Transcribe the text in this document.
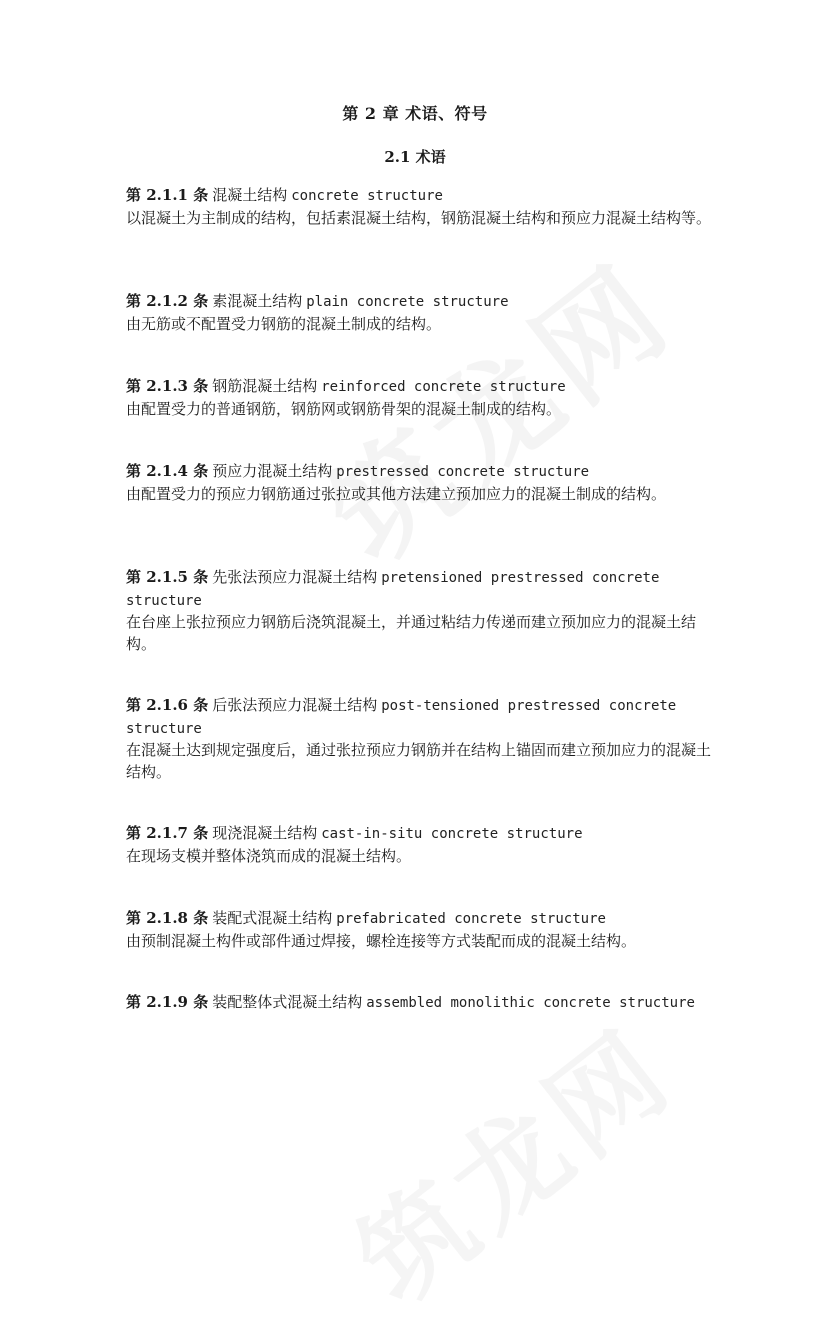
第 2 章 术语、符号
2.1 术语

第 2.1.1 条 混凝土结构 concrete structure

以混凝土为主制成的结构，包括素混凝土结构，钢筋混凝土结构和预应力混凝土结构等。

第 2.1.2 条 素混凝土结构 plain concrete structure

由无筋或不配置受力钢筋的混凝土制成的结构。

第 2.1.3 条 钢筋混凝土结构 reinforced concrete structure

由配置受力的普通钢筋，钢筋网或钢筋骨架的混凝土制成的结构。

第 2.1.4 条 预应力混凝土结构 prestressed concrete structure

由配置受力的预应力钢筋通过张拉或其他方法建立预加应力的混凝土制成的结构。

第 2.1.5 条 先张法预应力混凝土结构 pretensioned prestressed concrete structure

在台座上张拉预应力钢筋后浇筑混凝土，并通过粘结力传递而建立预加应力的混凝土结构。

第 2.1.6 条 后张法预应力混凝土结构 post-tensioned prestressed concrete structure

在混凝土达到规定强度后，通过张拉预应力钢筋并在结构上锚固而建立预加应力的混凝土结构。

第 2.1.7 条 现浇混凝土结构 cast-in-situ concrete structure

在现场支模并整体浇筑而成的混凝土结构。

第 2.1.8 条 装配式混凝土结构 prefabricated concrete structure

由预制混凝土构件或部件通过焊接，螺栓连接等方式装配而成的混凝土结构。

第 2.1.9 条 装配整体式混凝土结构 assembled monolithic concrete structure
